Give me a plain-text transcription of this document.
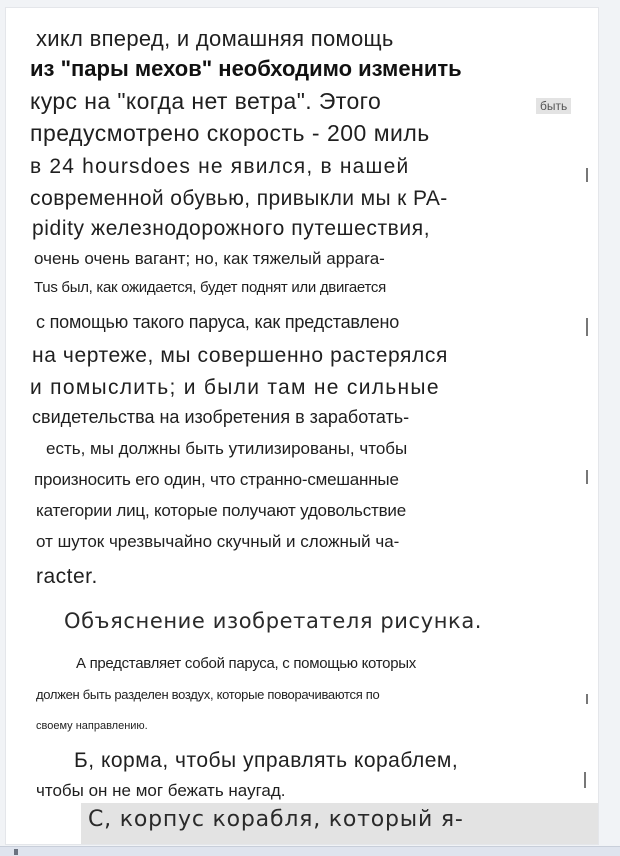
быть
хикл вперед, и домашняя помощь
из "пары мехов" необходимо изменить
курс на "когда нет ветра". Этого
предусмотрено скорость - 200 миль
в 24 hoursdoes не явился, в нашей
современной обувью, привыкли мы к PA-
pidity железнодорожного путешествия,
очень очень вагант; но, как тяжелый appara-
Tus был, как ожидается, будет поднят или двигается
с помощью такого паруса, как представлено
на чертеже, мы совершенно растерялся
и помыслить; и были там не сильные
свидетельства на изобретения в заработать-
есть, мы должны быть утилизированы, чтобы
произносить его один, что странно-смешанные
категории лиц, которые получают удовольствие
от шуток чрезвычайно скучный и сложный ча-
racter.
Объяснение изобретателя рисунка.
А представляет собой паруса, с помощью которых
должен быть разделен воздух, которые поворачиваются по
своему направлению.
Б, корма, чтобы управлять кораблем,
чтобы он не мог бежать наугад.
С, корпус корабля, который я-
